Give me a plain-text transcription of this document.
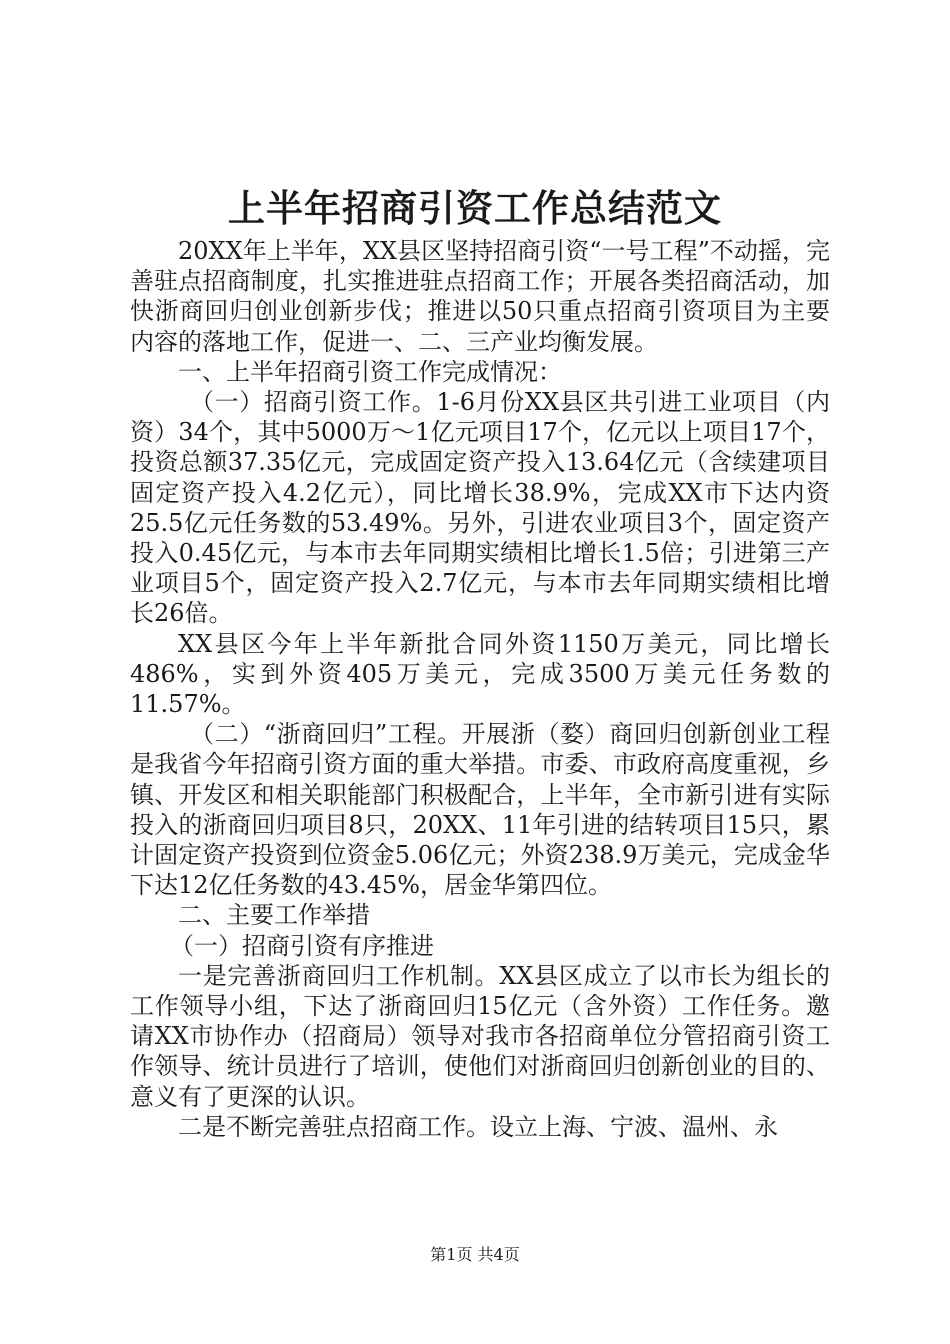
上半年招商引资工作总结范文

20XX年上半年，XX县区坚持招商引资“一号工程”不动摇，完善驻点招商制度，扎实推进驻点招商工作；开展各类招商活动，加快浙商回归创业创新步伐；推进以50只重点招商引资项目为主要内容的落地工作，促进一、二、三产业均衡发展。

一、上半年招商引资工作完成情况：

（一）招商引资工作。1-6月份XX县区共引进工业项目（内资）34个，其中5000万～1亿元项目17个，亿元以上项目17个，投资总额37.35亿元，完成固定资产投入13.64亿元（含续建项目固定资产投入4.2亿元），同比增长38.9%，完成XX市下达内资25.5亿元任务数的53.49%。另外，引进农业项目3个，固定资产投入0.45亿元，与本市去年同期实绩相比增长1.5倍；引进第三产业项目5个，固定资产投入2.7亿元，与本市去年同期实绩相比增长26倍。

XX县区今年上半年新批合同外资1150万美元，同比增长486%，实到外资405万美元，完成3500万美元任务数的11.57%。

（二）“浙商回归”工程。开展浙（婺）商回归创新创业工程是我省今年招商引资方面的重大举措。市委、市政府高度重视，乡镇、开发区和相关职能部门积极配合，上半年，全市新引进有实际投入的浙商回归项目8只，20XX、11年引进的结转项目15只，累计固定资产投资到位资金5.06亿元；外资238.9万美元，完成金华下达12亿任务数的43.45%，居金华第四位。

二、主要工作举措

（一）招商引资有序推进

一是完善浙商回归工作机制。XX县区成立了以市长为组长的工作领导小组，下达了浙商回归15亿元（含外资）工作任务。邀请XX市协作办（招商局）领导对我市各招商单位分管招商引资工作领导、统计员进行了培训，使他们对浙商回归创新创业的目的、意义有了更深的认识。

二是不断完善驻点招商工作。设立上海、宁波、温州、永

第1页 共4页
